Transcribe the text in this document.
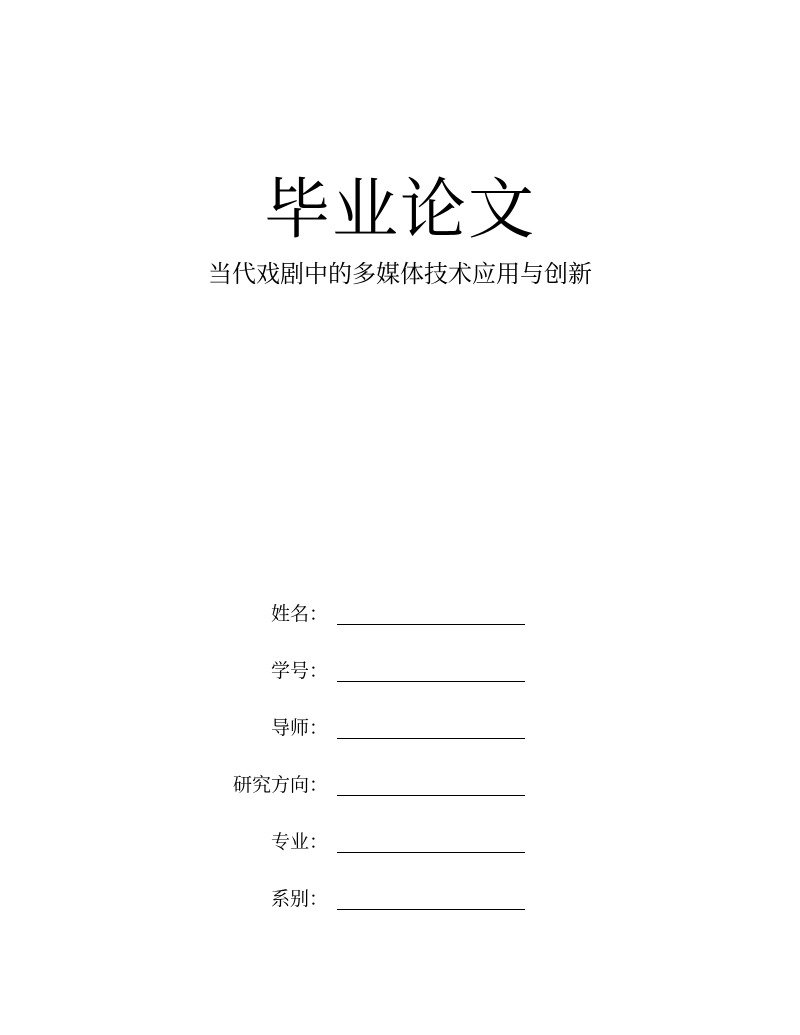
毕业论文
当代戏剧中的多媒体技术应用与创新
姓名：
学号：
导师：
研究方向：
专业：
系别：
